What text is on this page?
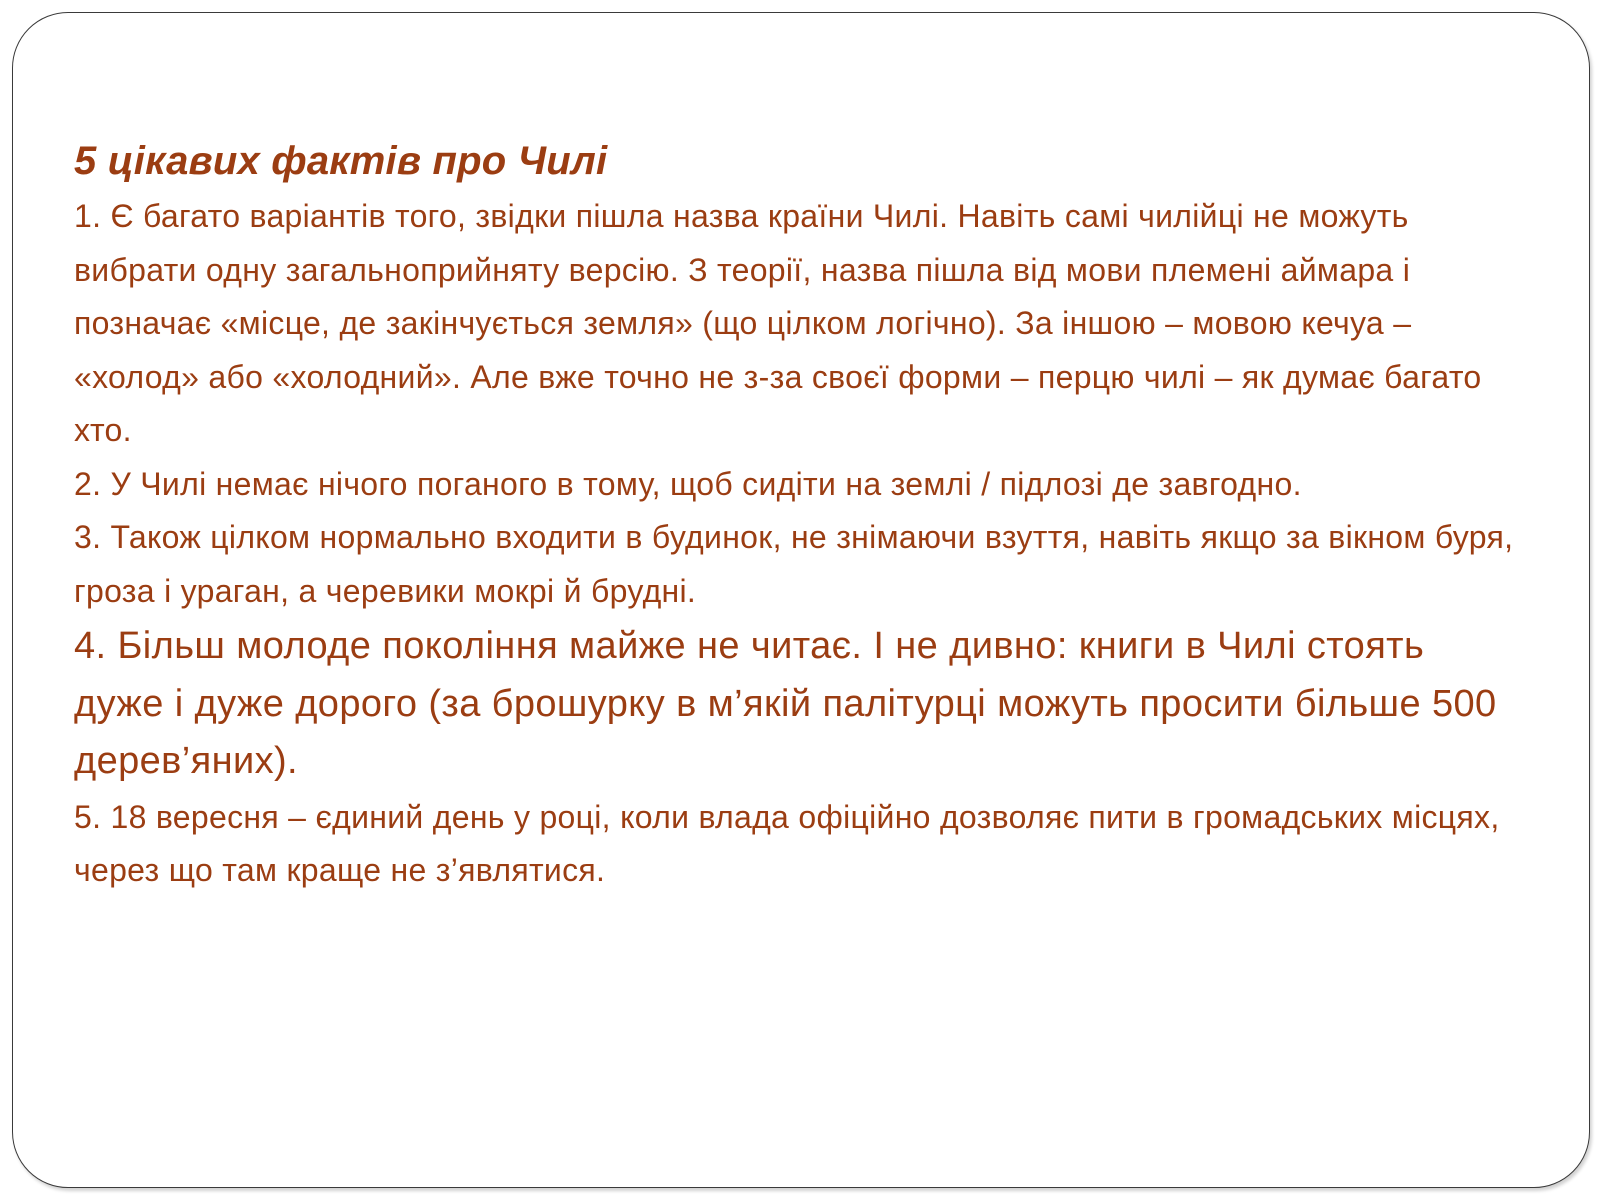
5 цікавих фактів про Чилі

1. Є багато варіантів того, звідки пішла назва країни Чилі. Навіть самі чилійці не можуть вибрати одну загальноприйняту версію. З теорії, назва пішла від мови племені аймара і позначає «місце, де закінчується земля» (що цілком логічно). За іншою – мовою кечуа – «холод» або «холодний». Але вже точно не з-за своєї форми – перцю чилі – як думає багато хто.

2. У Чилі немає нічого поганого в тому, щоб сидіти на землі / підлозі де завгодно.

3. Також цілком нормально входити в будинок, не знімаючи взуття, навіть якщо за вікном буря, гроза і ураган, а черевики мокрі й брудні.

4. Більш молоде покоління майже не читає. І не дивно: книги в Чилі стоять дуже і дуже дорого (за брошурку в м’якій палітурці можуть просити більше 500 дерев’яних).

5. 18 вересня – єдиний день у році, коли влада офіційно дозволяє пити в громадських місцях, через що там краще не з’являтися.
